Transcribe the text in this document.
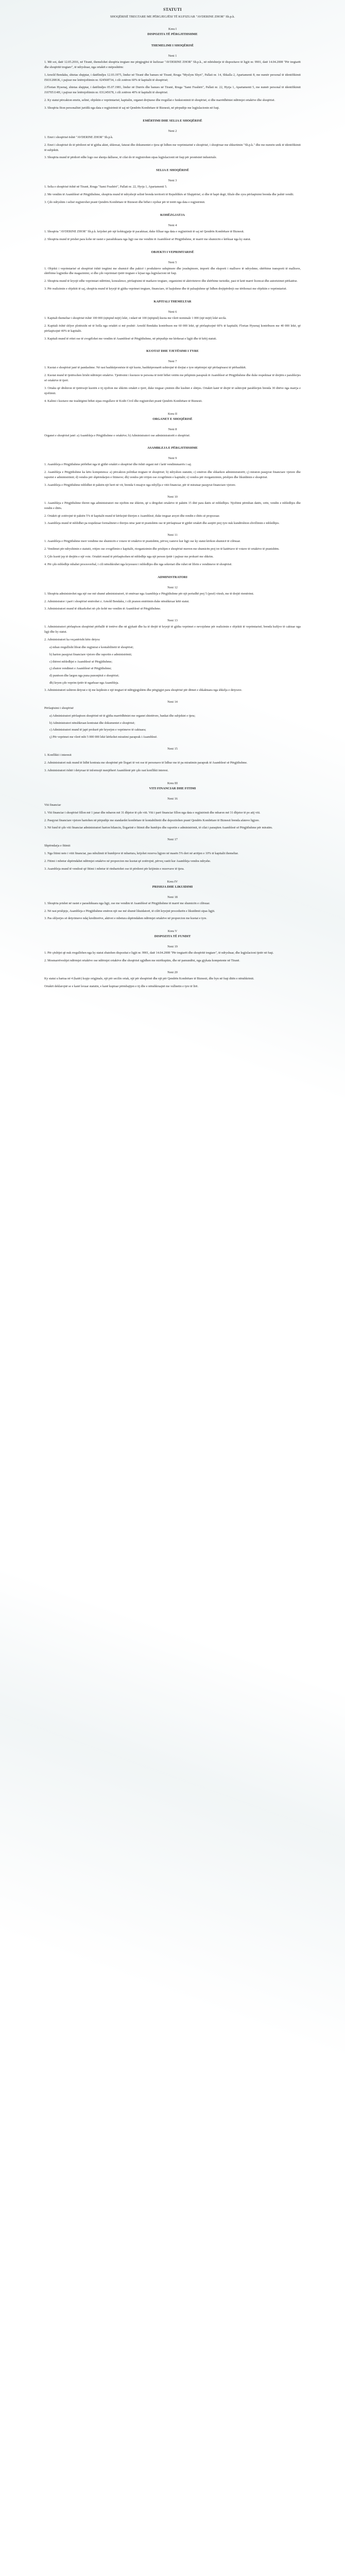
STATUTI
SHOQËRISË TREGTARE ME PËRGJEGJËSI TË KUFIZUAR "AVDERINE ZHOR" Sh.p.k.
Kreu I
DISPOZITA TË PËRGJITHSHME
THEMELIMI I SHOQËRISË
Neni 1
1. Më sot, datë 12.05.2016, në Tiranë, themelohet shoqëria tregtare me përgjegjësi të kufizuar "AVDERINE ZHOR" Sh.p.k., në mbështetje të dispozitave të ligjit nr. 9901, datë 14.04.2008 "Për tregtarët dhe shoqëritë tregtare", të ndryshuar, nga ortakët e mëposhtëm:
1.Arnold Bendaku, shtetas shqiptar, i datëlindjes 12.03.1975, lindur në Tiranë dhe banues në Tiranë, Rruga "Myslym Shyri", Pallati nr. 14, Shkalla 2, Apartamenti 8, me numër personal të identifikimit I50312081K, i pajisur me letërnjoftimin nr. 024568734, i cili zotëron 60% të kapitalit të shoqërisë;
2.Florian Hysenaj, shtetas shqiptar, i datëlindjes 05.07.1981, lindur në Durrës dhe banues në Tiranë, Rruga "Sami Frashëri", Pallati nr. 22, Hyrja 1, Apartamenti 5, me numër personal të identifikimit J10705114H, i pajisur me letërnjoftimin nr. 031245678, i cili zotëron 40% të kapitalit të shoqërisë.
2. Ky statut përcakton emrin, selinë, objektin e veprimtarisë, kapitalin, organet drejtuese dhe rregullat e funksionimit të shoqërisë, si dhe marrëdhëniet ndërmjet ortakëve dhe shoqërisë.
3. Shoqëria fiton personalitet juridik nga data e regjistrimit të saj në Qendrën Kombëtare të Biznesit, në përputhje me legjislacionin në fuqi.
EMËRTIMI DHE SELIA E SHOQËRISË
Neni 2
1. Emri i shoqërisë është "AVDERINE ZHOR" Sh.p.k.
2. Emri i shoqërisë do të përdoret në të gjitha aktet, shkresat, faturat dhe dokumentet e tjera që lidhen me veprimtarinë e shoqërisë, i shoqëruar me shkurtimin "Sh.p.k." dhe me numrin unik të identifikimit të subjektit.
3. Shoqëria mund të përdorë edhe logo ose shenja dalluese, të cilat do të regjistrohen sipas legjislacionit në fuqi për pronësinë industriale.
SELIA E SHOQËRISË
Neni 3
1. Selia e shoqërisë është në Tiranë, Rruga "Sami Frashëri", Pallati nr. 22, Hyrja 1, Apartamenti 5.
2. Me vendim të Asamblesë së Përgjithshme, shoqëria mund të ndryshojë selinë brenda territorit të Republikës së Shqipërisë, si dhe të hapë degë, filiale dhe zyra përfaqësimi brenda dhe jashtë vendit.
3. Çdo ndryshim i selisë regjistrohet pranë Qendrës Kombëtare të Biznesit dhe bëhet i njohur për të tretët nga data e regjistrimit.
KOHËZGJATJA
Neni 4
1. Shoqëria "AVDERINE ZHOR" Sh.p.k. krijohet për një kohëzgjatje të pacaktuar, duke filluar nga data e regjistrimit të saj në Qendrën Kombëtare të Biznesit.
2. Shoqëria mund të prishet para kohe në rastet e parashikuara nga ligji ose me vendim të Asamblesë së Përgjithshme, të marrë me shumicën e kërkuar nga ky statut.
OBJEKTI I VEPRIMTARISË
Neni 5
1. Objekti i veprimtarisë së shoqërisë është tregtimi me shumicë dhe pakicë i produkteve ushqimore dhe joushqimore, importi dhe eksporti i mallrave të ndryshme, shërbime transporti të mallrave, shërbime logjistike dhe magazinimi, si dhe çdo veprimtari tjetër tregtare e lejuar nga legjislacioni në fuqi.
2. Shoqëria mund të kryejë edhe veprimtari ndërtimi, konsulence, përfaqësimi të markave tregtare, organizimi të aktiviteteve dhe shërbime turistike, pasi të ketë marrë licencat dhe autorizimet përkatëse.
3. Për realizimin e objektit të saj, shoqëria mund të kryejë të gjitha veprimet tregtare, financiare, të luajtshme dhe të paluajtshme që lidhen drejtpërdrejt ose tërthorazi me objektin e veprimtarisë.
KAPITALI THEMELTAR
Neni 6
1. Kapitali themeltar i shoqërisë është 100 000 (njëqind mijë) lekë, i ndarë në 100 (njëqind) kuota me vlerë nominale 1 000 (një mijë) lekë secila.
2. Kapitali është shlyer plotësisht në të holla nga ortakët si më poshtë: Arnold Bendaku kontribuon me 60 000 lekë, që përfaqësojnë 60% të kapitalit; Florian Hysenaj kontribuon me 40 000 lekë, që përfaqësojnë 40% të kapitalit.
3. Kapitali mund të rritet ose të zvogëlohet me vendim të Asamblesë së Përgjithshme, në përputhje me kërkesat e ligjit dhe të këtij statuti.
KUOTAT DHE TJETËSIMI I TYRE
Neni 7
1. Kuotat e shoqërisë janë të pandashme. Në rast bashkëpronësie të një kuote, bashkëpronarët ushtrojnë të drejtat e tyre nëpërmjet një përfaqësuesi të përbashkët.
2. Kuotat mund të tjetërsohen lirisht ndërmjet ortakëve. Tjetërsimi i kuotave te persona të tretë bëhet vetëm me pëlqimin paraprak të Asamblesë së Përgjithshme dhe duke respektuar të drejtën e parablerjes së ortakëve të tjerë.
3. Ortaku që dëshiron të tjetërsojë kuotën e tij njofton me shkrim ortakët e tjerë, duke treguar çmimin dhe kushtet e shitjes. Ortakët kanë të drejtë të ushtrojnë parablerjen brenda 30 ditëve nga marrja e njoftimit.
4. Kalimi i kuotave me trashëgimi bëhet sipas rregullave të Kodit Civil dhe regjistrohet pranë Qendrës Kombëtare të Biznesit.
Kreu II
ORGANET E SHOQËRISË
Neni 8
Organet e shoqërisë janë: a) Asambleja e Përgjithshme e ortakëve; b) Administratori ose administratorët e shoqërisë.
ASAMBLEJA E PËRGJITHSHME
Neni 9
1. Asambleja e Përgjithshme përbëhet nga të gjithë ortakët e shoqërisë dhe është organi më i lartë vendimmarrës i saj.
2. Asambleja e Përgjithshme ka këto kompetenca: a) përcakton politikat tregtare të shoqërisë; b) ndryshon statutin; c) emëron dhe shkarkon administratorët; ç) miraton pasqyrat financiare vjetore dhe raportet e administrimit; d) vendos për shpërndarjen e fitimeve; dh) vendos për rritjen ose zvogëlimin e kapitalit; e) vendos për riorganizimin, prishjen dhe likuidimin e shoqërisë.
3. Asambleja e Përgjithshme mblidhet të paktën një herë në vit, brenda 6 muajve nga mbyllja e vitit financiar, për të miratuar pasqyrat financiare vjetore.
Neni 10
1. Asambleja e Përgjithshme thirret nga administratori me njoftim me shkrim, që u dërgohet ortakëve të paktën 15 ditë para datës së mbledhjes. Njoftimi përmban datën, orën, vendin e mbledhjes dhe rendin e ditës.
2. Ortakët që zotërojnë të paktën 5% të kapitalit mund të kërkojnë thirrjen e Asamblesë, duke treguar arsyet dhe rendin e ditës së propozuar.
3. Asambleja mund të mblidhet pa respektuar formalitetet e thirrjes nëse janë të pranishëm ose të përfaqësuar të gjithë ortakët dhe asnjëri prej tyre nuk kundërshton zhvillimin e mbledhjes.
Neni 11
1. Asambleja e Përgjithshme merr vendime me shumicën e votave të ortakëve të pranishëm, përveç rasteve kur ligji ose ky statut kërkon shumicë të cilësuar.
2. Vendimet për ndryshimin e statutit, rritjen ose zvogëlimin e kapitalit, riorganizimin dhe prishjen e shoqërisë merren me shumicën prej tre të katërtave të votave të ortakëve të pranishëm.
3. Çdo kuotë jep të drejtën e një vote. Ortakët mund të përfaqësohen në mbledhje nga një person tjetër i pajisur me prokurë me shkrim.
4. Për çdo mbledhje mbahet procesverbal, i cili nënshkruhet nga kryesuesi i mbledhjes dhe nga sekretari dhe ruhet në librin e vendimeve të shoqërisë.
ADMINISTRATORI
Neni 12
1. Shoqëria administrohet nga një ose më shumë administratorë, të emëruar nga Asambleja e Përgjithshme për një periudhë prej 5 (pesë) vitesh, me të drejtë riemërimi.
2. Administrator i parë i shoqërisë emërohet z. Arnold Bendaku, i cili pranon emërimin duke nënshkruar këtë statut.
3. Administratori mund të shkarkohet në çdo kohë me vendim të Asamblesë së Përgjithshme.
Neni 13
1. Administratori përfaqëson shoqërinë përballë të tretëve dhe në gjykatë dhe ka të drejtë të kryejë të gjitha veprimet e nevojshme për realizimin e objektit të veprimtarisë, brenda kufijve të caktuar nga ligji dhe ky statut.
2. Administratori ka veçanërisht këto detyra:
a) mban rregullisht librat dhe regjistrat e kontabilitetit të shoqërisë;
b) harton pasqyrat financiare vjetore dhe raportin e administrimit;
c) thërret mbledhjet e Asamblesë së Përgjithshme;
ç) zbaton vendimet e Asamblesë së Përgjithshme;
d) punëson dhe largon nga puna punonjësit e shoqërisë;
dh) kryen çdo veprim tjetër të ngarkuar nga Asambleja.
3. Administratori ushtron detyrat e tij me kujdesin e një tregtari të ndërgjegjshëm dhe përgjigjet para shoqërisë për dëmet e shkaktuara nga shkelja e detyrave.
Neni 14
Përfaqësimi i shoqërisë
a) Administratori përfaqëson shoqërinë në të gjitha marrëdhëniet me organet shtetërore, bankat dhe subjektet e tjera;
b) Administratori nënshkruan kontratat dhe dokumentet e shoqërisë;
c) Administratori mund të japë prokurë për kryerjen e veprimeve të caktuara;
ç) Për veprimet me vlerë mbi 5 000 000 lekë kërkohet miratimi paraprak i Asamblesë.
Neni 15
1. Konflikti i interesit
2. Administratori nuk mund të lidhë kontrata me shoqërinë për llogari të vet ose të personave të lidhur me të pa miratimin paraprak të Asamblesë së Përgjithshme.
3. Administratori është i detyruar të informojë menjëherë Asamblenë për çdo rast konflikti interesi.
Kreu III
VITI FINANCIAR DHE FITIMI
Neni 16
Viti financiar
1. Viti financiar i shoqërisë fillon më 1 janar dhe mbaron më 31 dhjetor të çdo viti. Viti i parë financiar fillon nga data e regjistrimit dhe mbaron më 31 dhjetor të po atij viti.
2. Pasqyrat financiare vjetore hartohen në përputhje me standardet kombëtare të kontabilitetit dhe depozitohen pranë Qendrës Kombëtare të Biznesit brenda afateve ligjore.
3. Në fund të çdo viti financiar administratori harton bilancin, llogarinë e fitimit dhe humbjes dhe raportin e administrimit, të cilat i paraqiten Asamblesë së Përgjithshme për miratim.
Neni 17
Shpërndarja e fitimit
1. Nga fitimi neto i vitit financiar, pas mbulimit të humbjeve të mbartura, krijohet rezerva ligjore në masën 5% deri në arritjen e 10% të kapitalit themeltar.
2. Fitimi i mbetur shpërndahet ndërmjet ortakëve në proporcion me kuotat që zotërojnë, përveç rastit kur Asambleja vendos ndryshe.
3. Asambleja mund të vendosë që fitimi i mbetur të rimbartohet ose të përdoret për krijimin e rezervave të tjera.
Kreu IV
PRISHJA DHE LIKUIDIMI
Neni 18
1. Shoqëria prishet në rastet e parashikuara nga ligji, ose me vendim të Asamblesë së Përgjithshme të marrë me shumicën e cilësuar.
2. Në rast prishjeje, Asambleja e Përgjithshme emëron një ose më shumë likuidatorë, të cilët kryejnë procedurën e likuidimit sipas ligjit.
3. Pas shlyerjes së detyrimeve ndaj kreditorëve, aktivet e mbetura shpërndahen ndërmjet ortakëve në proporcion me kuotat e tyre.
Kreu V
DISPOZITA TË FUNDIT
Neni 19
1. Për çështjet që nuk rregullohen nga ky statut zbatohen dispozitat e ligjit nr. 9901, datë 14.04.2008 "Për tregtarët dhe shoqëritë tregtare", të ndryshuar, dhe legjislacioni tjetër në fuqi.
2. Mosmarrëveshjet ndërmjet ortakëve ose ndërmjet ortakëve dhe shoqërisë zgjidhen me mirëkuptim, dhe në pamundësi, nga gjykata kompetente në Tiranë.
Neni 20
Ky statut u hartua në 4 (katër) kopje origjinale, një për secilin ortak, një për shoqërinë dhe një për Qendrën Kombëtare të Biznesit, dhe hyn në fuqi ditën e nënshkrimit.
Ortakët deklarojnë se e kanë lexuar statutin, e kanë kuptuar përmbajtjen e tij dhe e nënshkruajnë me vullnetin e tyre të lirë.
